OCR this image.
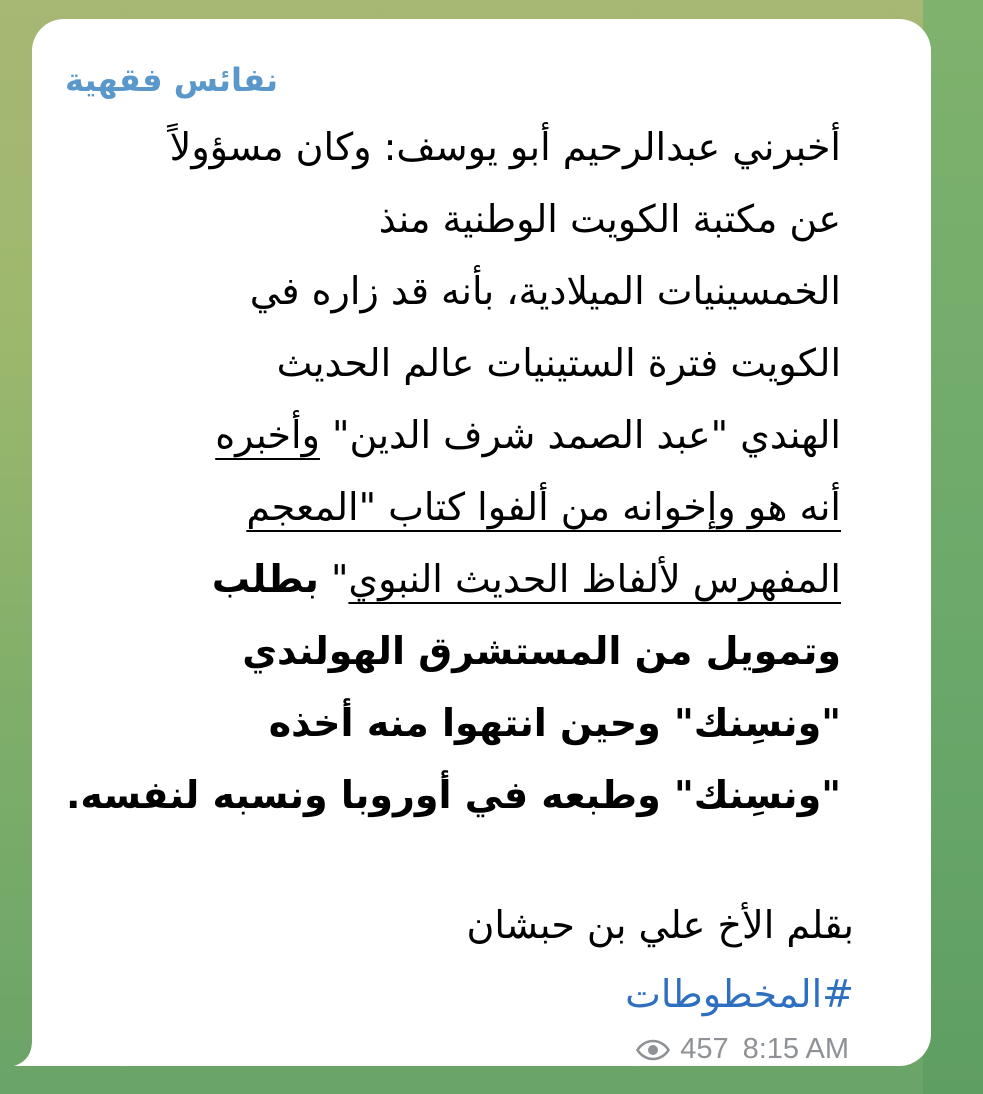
نفائس فقهية
أخبرني عبدالرحيم أبو يوسف: وكان مسؤولاً
عن مكتبة الكويت الوطنية منذ
الخمسينيات الميلادية، بأنه قد زاره في
الكويت فترة الستينيات عالم الحديث
الهندي "عبد الصمد شرف الدين" وأخبره
أنه هو وإخوانه من ألفوا كتاب "المعجم
المفهرس لألفاظ الحديث النبوي" بطلب
وتمويل من المستشرق الهولندي
"ونسِنك" وحين انتهوا منه أخذه
"ونسِنك" وطبعه في أوروبا ونسبه لنفسه.
بقلم الأخ علي بن حبشان
#المخطوطات
457 8:15 AM
